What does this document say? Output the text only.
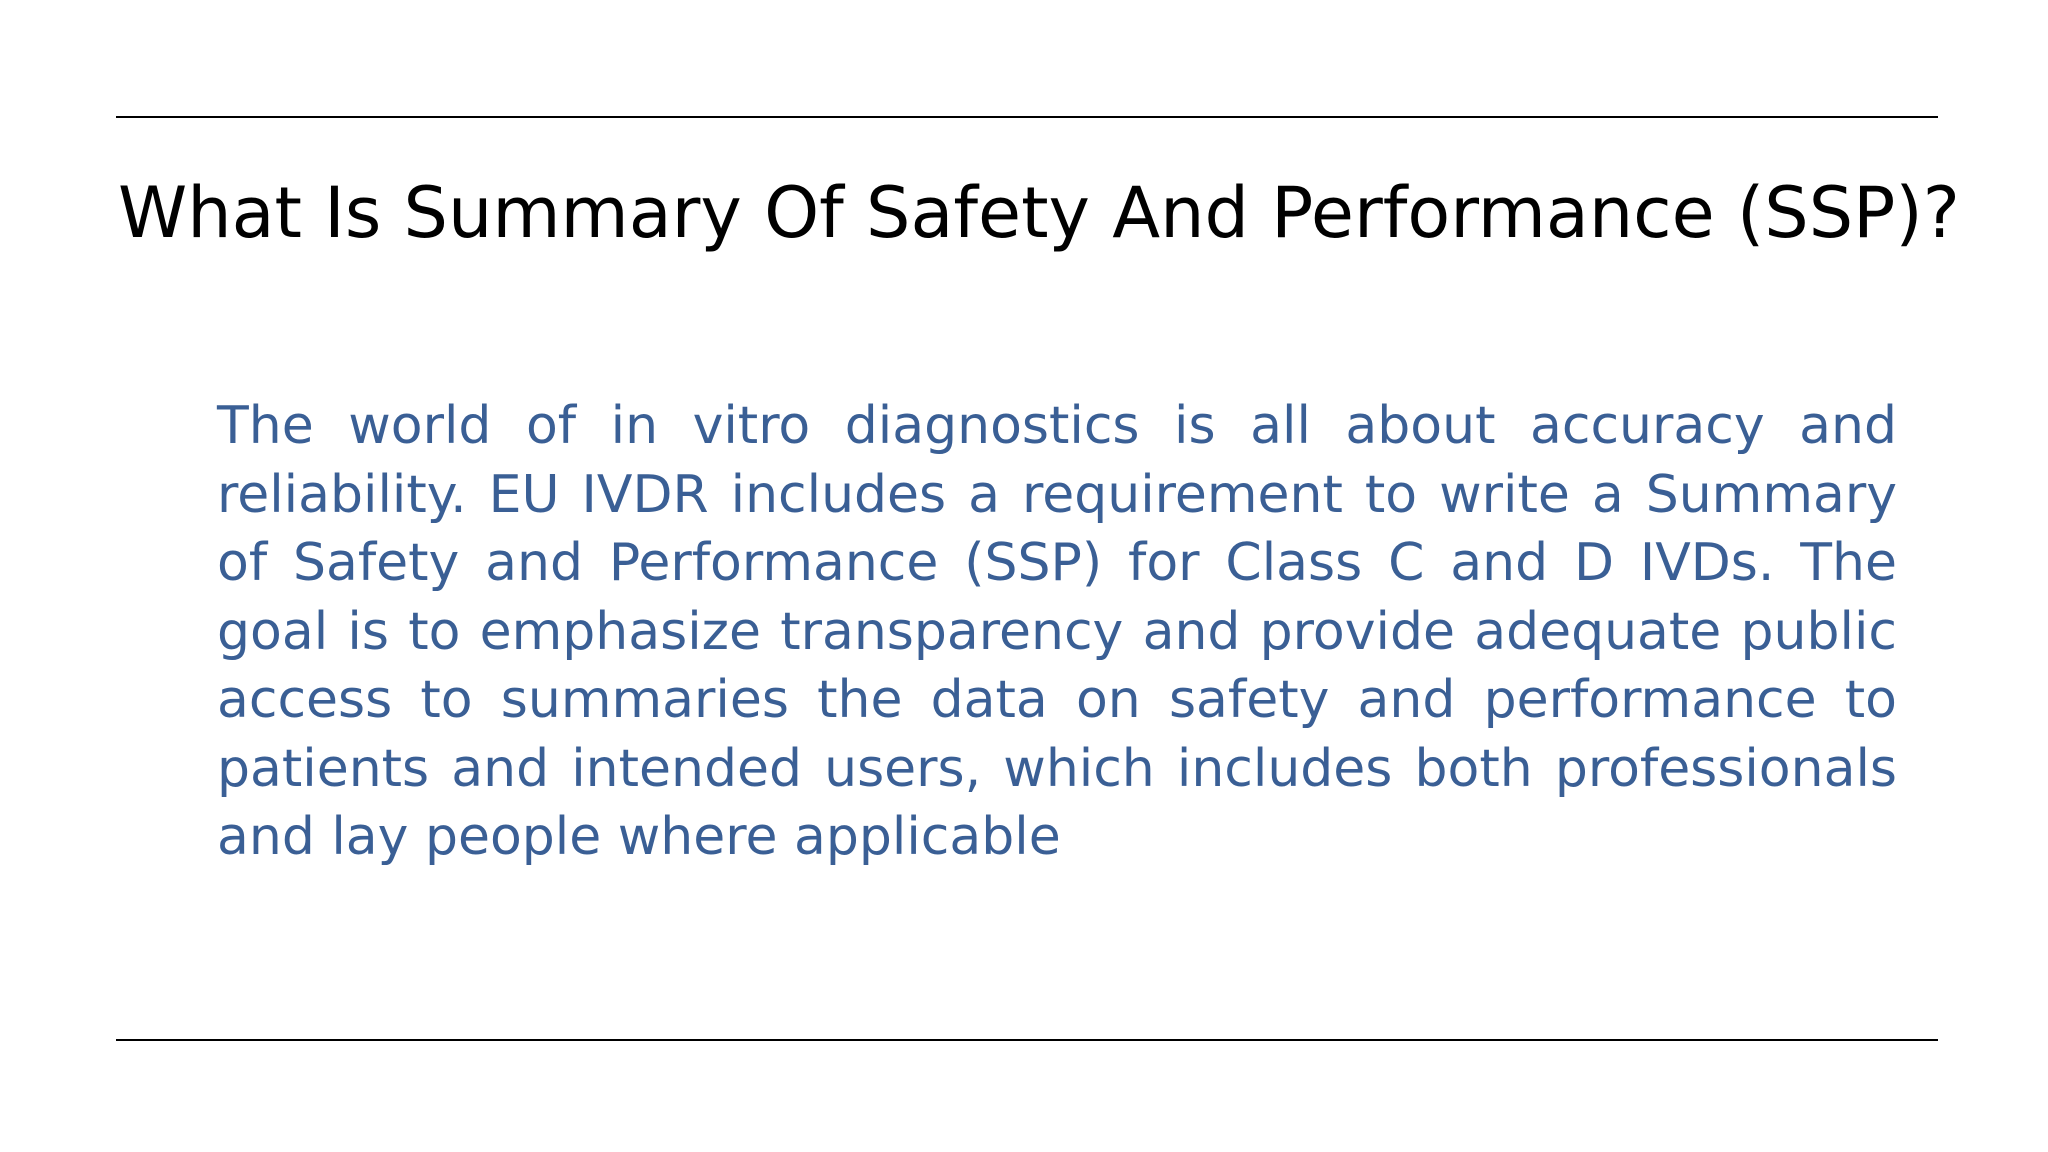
What Is Summary Of Safety And Performance (SSP)?

The world of in vitro diagnostics is all about accuracy and reliability. EU IVDR includes a requirement to write a Summary of Safety and Performance (SSP) for Class C and D IVDs. The goal is to emphasize transparency and provide adequate public access to summaries the data on safety and performance to patients and intended users, which includes both professionals and lay people where applicable
